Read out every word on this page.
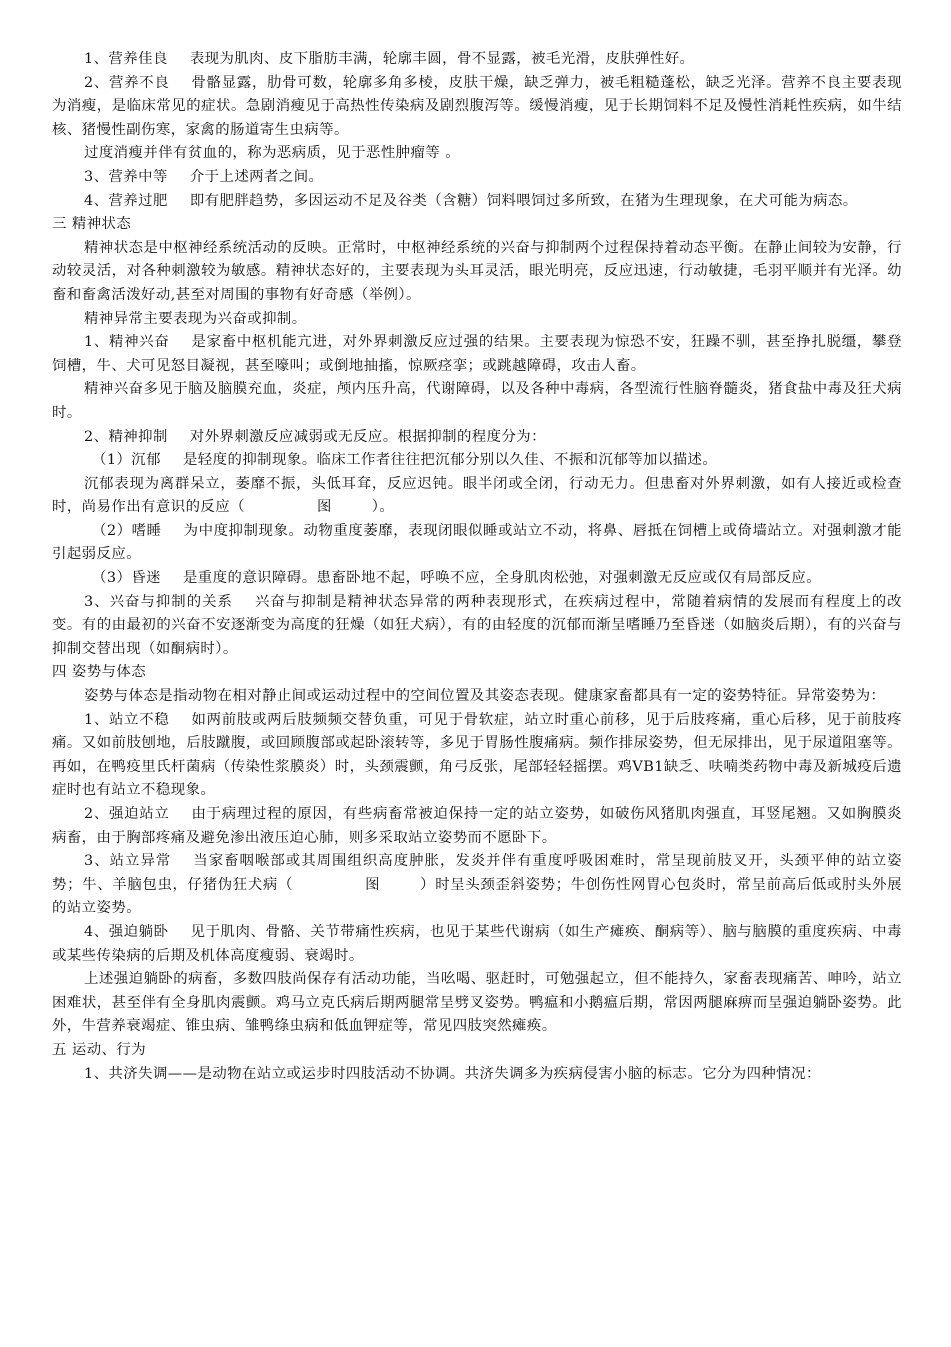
1、营养佳良 表现为肌肉、皮下脂肪丰满，轮廓丰圆，骨不显露，被毛光滑，皮肤弹性好。

2、营养不良 骨骼显露，肋骨可数，轮廓多角多棱，皮肤干燥，缺乏弹力，被毛粗糙蓬松，缺乏光泽。营养不良主要表现为消瘦，是临床常见的症状。急剧消瘦见于高热性传染病及剧烈腹泻等。缓慢消瘦，见于长期饲料不足及慢性消耗性疾病，如牛结核、猪慢性副伤寒，家禽的肠道寄生虫病等。

过度消瘦并伴有贫血的，称为恶病质，见于恶性肿瘤等 。

3、营养中等 介于上述两者之间。

4、营养过肥 即有肥胖趋势，多因运动不足及谷类（含糖）饲料喂饲过多所致，在猪为生理现象，在犬可能为病态。

三 精神状态

精神状态是中枢神经系统活动的反映。正常时，中枢神经系统的兴奋与抑制两个过程保持着动态平衡。在静止间较为安静，行动较灵活，对各种刺激较为敏感。精神状态好的，主要表现为头耳灵活，眼光明亮，反应迅速，行动敏捷，毛羽平顺并有光泽。幼畜和畜禽活泼好动,甚至对周围的事物有好奇感（举例）。

精神异常主要表现为兴奋或抑制。

1、精神兴奋 是家畜中枢机能亢进，对外界刺激反应过强的结果。主要表现为惊恐不安，狂躁不驯，甚至挣扎脱缰，攀登饲槽，牛、犬可见怒目凝视，甚至嚎叫；或倒地抽搐，惊厥痉挛；或跳越障碍，攻击人畜。

精神兴奋多见于脑及脑膜充血，炎症，颅内压升高，代谢障碍，以及各种中毒病，各型流行性脑脊髓炎，猪食盐中毒及狂犬病时。

2、精神抑制 对外界刺激反应减弱或无反应。根据抑制的程度分为：

（1）沉郁 是轻度的抑制现象。临床工作者往往把沉郁分别以久佳、不振和沉郁等加以描述。

沉郁表现为离群呆立，萎靡不振，头低耳耷，反应迟钝。眼半闭或全闭，行动无力。但患畜对外界刺激，如有人接近或检查时，尚易作出有意识的反应（	图	）。

（2）嗜睡 为中度抑制现象。动物重度萎靡，表现闭眼似睡或站立不动，将鼻、唇抵在饲槽上或倚墙站立。对强刺激才能引起弱反应。

（3）昏迷 是重度的意识障碍。患畜卧地不起，呼唤不应，全身肌肉松弛，对强刺激无反应或仅有局部反应。

3、兴奋与抑制的关系 兴奋与抑制是精神状态异常的两种表现形式，在疾病过程中，常随着病情的发展而有程度上的改变。有的由最初的兴奋不安逐渐变为高度的狂燥（如狂犬病），有的由轻度的沉郁而渐呈嗜睡乃至昏迷（如脑炎后期），有的兴奋与抑制交替出现（如酮病时）。

四 姿势与体态

姿势与体态是指动物在相对静止间或运动过程中的空间位置及其姿态表现。健康家畜都具有一定的姿势特征。异常姿势为：

1、站立不稳 如两前肢或两后肢频频交替负重，可见于骨软症，站立时重心前移，见于后肢疼痛，重心后移，见于前肢疼痛。又如前肢刨地，后肢蹴腹，或回顾腹部或起卧滚转等，多见于胃肠性腹痛病。频作排尿姿势，但无尿排出，见于尿道阻塞等。再如，在鸭疫里氏杆菌病（传染性浆膜炎）时，头颈震颤，角弓反张，尾部轻轻摇摆。鸡VB1缺乏、呋喃类药物中毒及新城疫后遗症时也有站立不稳现象。

2、强迫站立 由于病理过程的原因，有些病畜常被迫保持一定的站立姿势，如破伤风猪肌肉强直，耳竖尾翘。又如胸膜炎病畜，由于胸部疼痛及避免渗出液压迫心肺，则多采取站立姿势而不愿卧下。

3、站立异常 当家畜咽喉部或其周围组织高度肿胀，发炎并伴有重度呼吸困难时，常呈现前肢叉开，头颈平伸的站立姿势；牛、羊脑包虫，仔猪伪狂犬病（	图	）时呈头颈歪斜姿势；牛创伤性网胃心包炎时，常呈前高后低或肘头外展的站立姿势。

4、强迫躺卧 见于肌肉、骨骼、关节带痛性疾病，也见于某些代谢病（如生产瘫痪、酮病等）、脑与脑膜的重度疾病、中毒或某些传染病的后期及机体高度瘦弱、衰竭时。

上述强迫躺卧的病畜，多数四肢尚保存有活动功能，当吆喝、驱赶时，可勉强起立，但不能持久，家畜表现痛苦、呻吟，站立困难状，甚至伴有全身肌肉震颤。鸡马立克氏病后期两腿常呈劈叉姿势。鸭瘟和小鹅瘟后期，常因两腿麻痹而呈强迫躺卧姿势。此外，牛营养衰竭症、锥虫病、雏鸭绦虫病和低血钾症等，常见四肢突然瘫痪。

五 运动、行为

1、共济失调——是动物在站立或运步时四肢活动不协调。共济失调多为疾病侵害小脑的标志。它分为四种情况：
